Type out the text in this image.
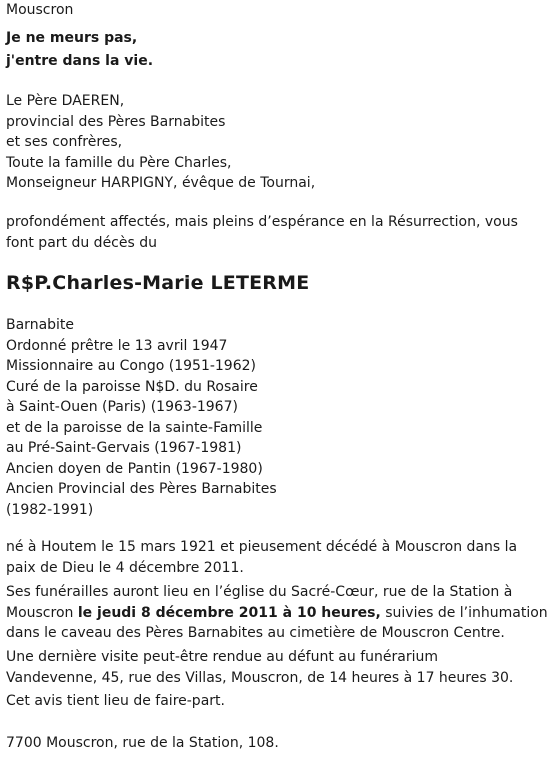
Mouscron
Je ne meurs pas,
j'entre dans la vie.
Le Père DAEREN,
provincial des Pères Barnabites
et ses confrères,
Toute la famille du Père Charles,
Monseigneur HARPIGNY, évêque de Tournai,
profondément affectés, mais pleins d’espérance en la Résurrection, vous
font part du décès du
R$P.Charles-Marie LETERME
Barnabite
Ordonné prêtre le 13 avril 1947
Missionnaire au Congo (1951-1962)
Curé de la paroisse N$D. du Rosaire
à Saint-Ouen (Paris) (1963-1967)
et de la paroisse de la sainte-Famille
au Pré-Saint-Gervais (1967-1981)
Ancien doyen de Pantin (1967-1980)
Ancien Provincial des Pères Barnabites
(1982-1991)
né à Houtem le 15 mars 1921 et pieusement décédé à Mouscron dans la
paix de Dieu le 4 décembre 2011.
Ses funérailles auront lieu en l’église du Sacré-Cœur, rue de la Station à
Mouscron le jeudi 8 décembre 2011 à 10 heures, suivies de l’inhumation
dans le caveau des Pères Barnabites au cimetière de Mouscron Centre.
Une dernière visite peut-être rendue au défunt au funérarium
Vandevenne, 45, rue des Villas, Mouscron, de 14 heures à 17 heures 30.
Cet avis tient lieu de faire-part.
7700 Mouscron, rue de la Station, 108.
